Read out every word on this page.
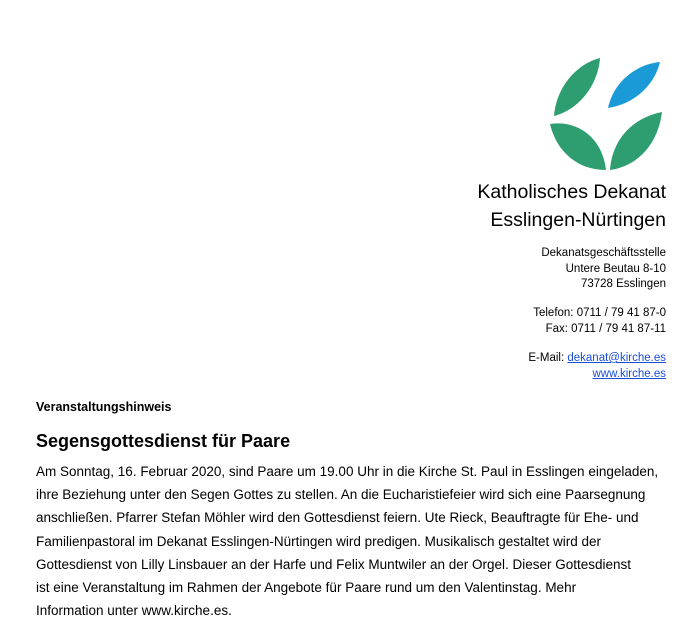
Katholisches Dekanat
Esslingen-Nürtingen
Dekanatsgeschäftsstelle
Untere Beutau 8-10
73728 Esslingen
Telefon: 0711 / 79 41 87-0
Fax: 0711 / 79 41 87-11
E-Mail: dekanat@kirche.es
www.kirche.es
Veranstaltungshinweis
Segensgottesdienst für Paare
Am Sonntag, 16. Februar 2020, sind Paare um 19.00 Uhr in die Kirche St. Paul in Esslingen eingeladen,
ihre Beziehung unter den Segen Gottes zu stellen. An die Eucharistiefeier wird sich eine Paarsegnung
anschließen. Pfarrer Stefan Möhler wird den Gottesdienst feiern. Ute Rieck, Beauftragte für Ehe- und
Familienpastoral im Dekanat Esslingen-Nürtingen wird predigen. Musikalisch gestaltet wird der
Gottesdienst von Lilly Linsbauer an der Harfe und Felix Muntwiler an der Orgel. Dieser Gottesdienst
ist eine Veranstaltung im Rahmen der Angebote für Paare rund um den Valentinstag. Mehr
Information unter www.kirche.es.
